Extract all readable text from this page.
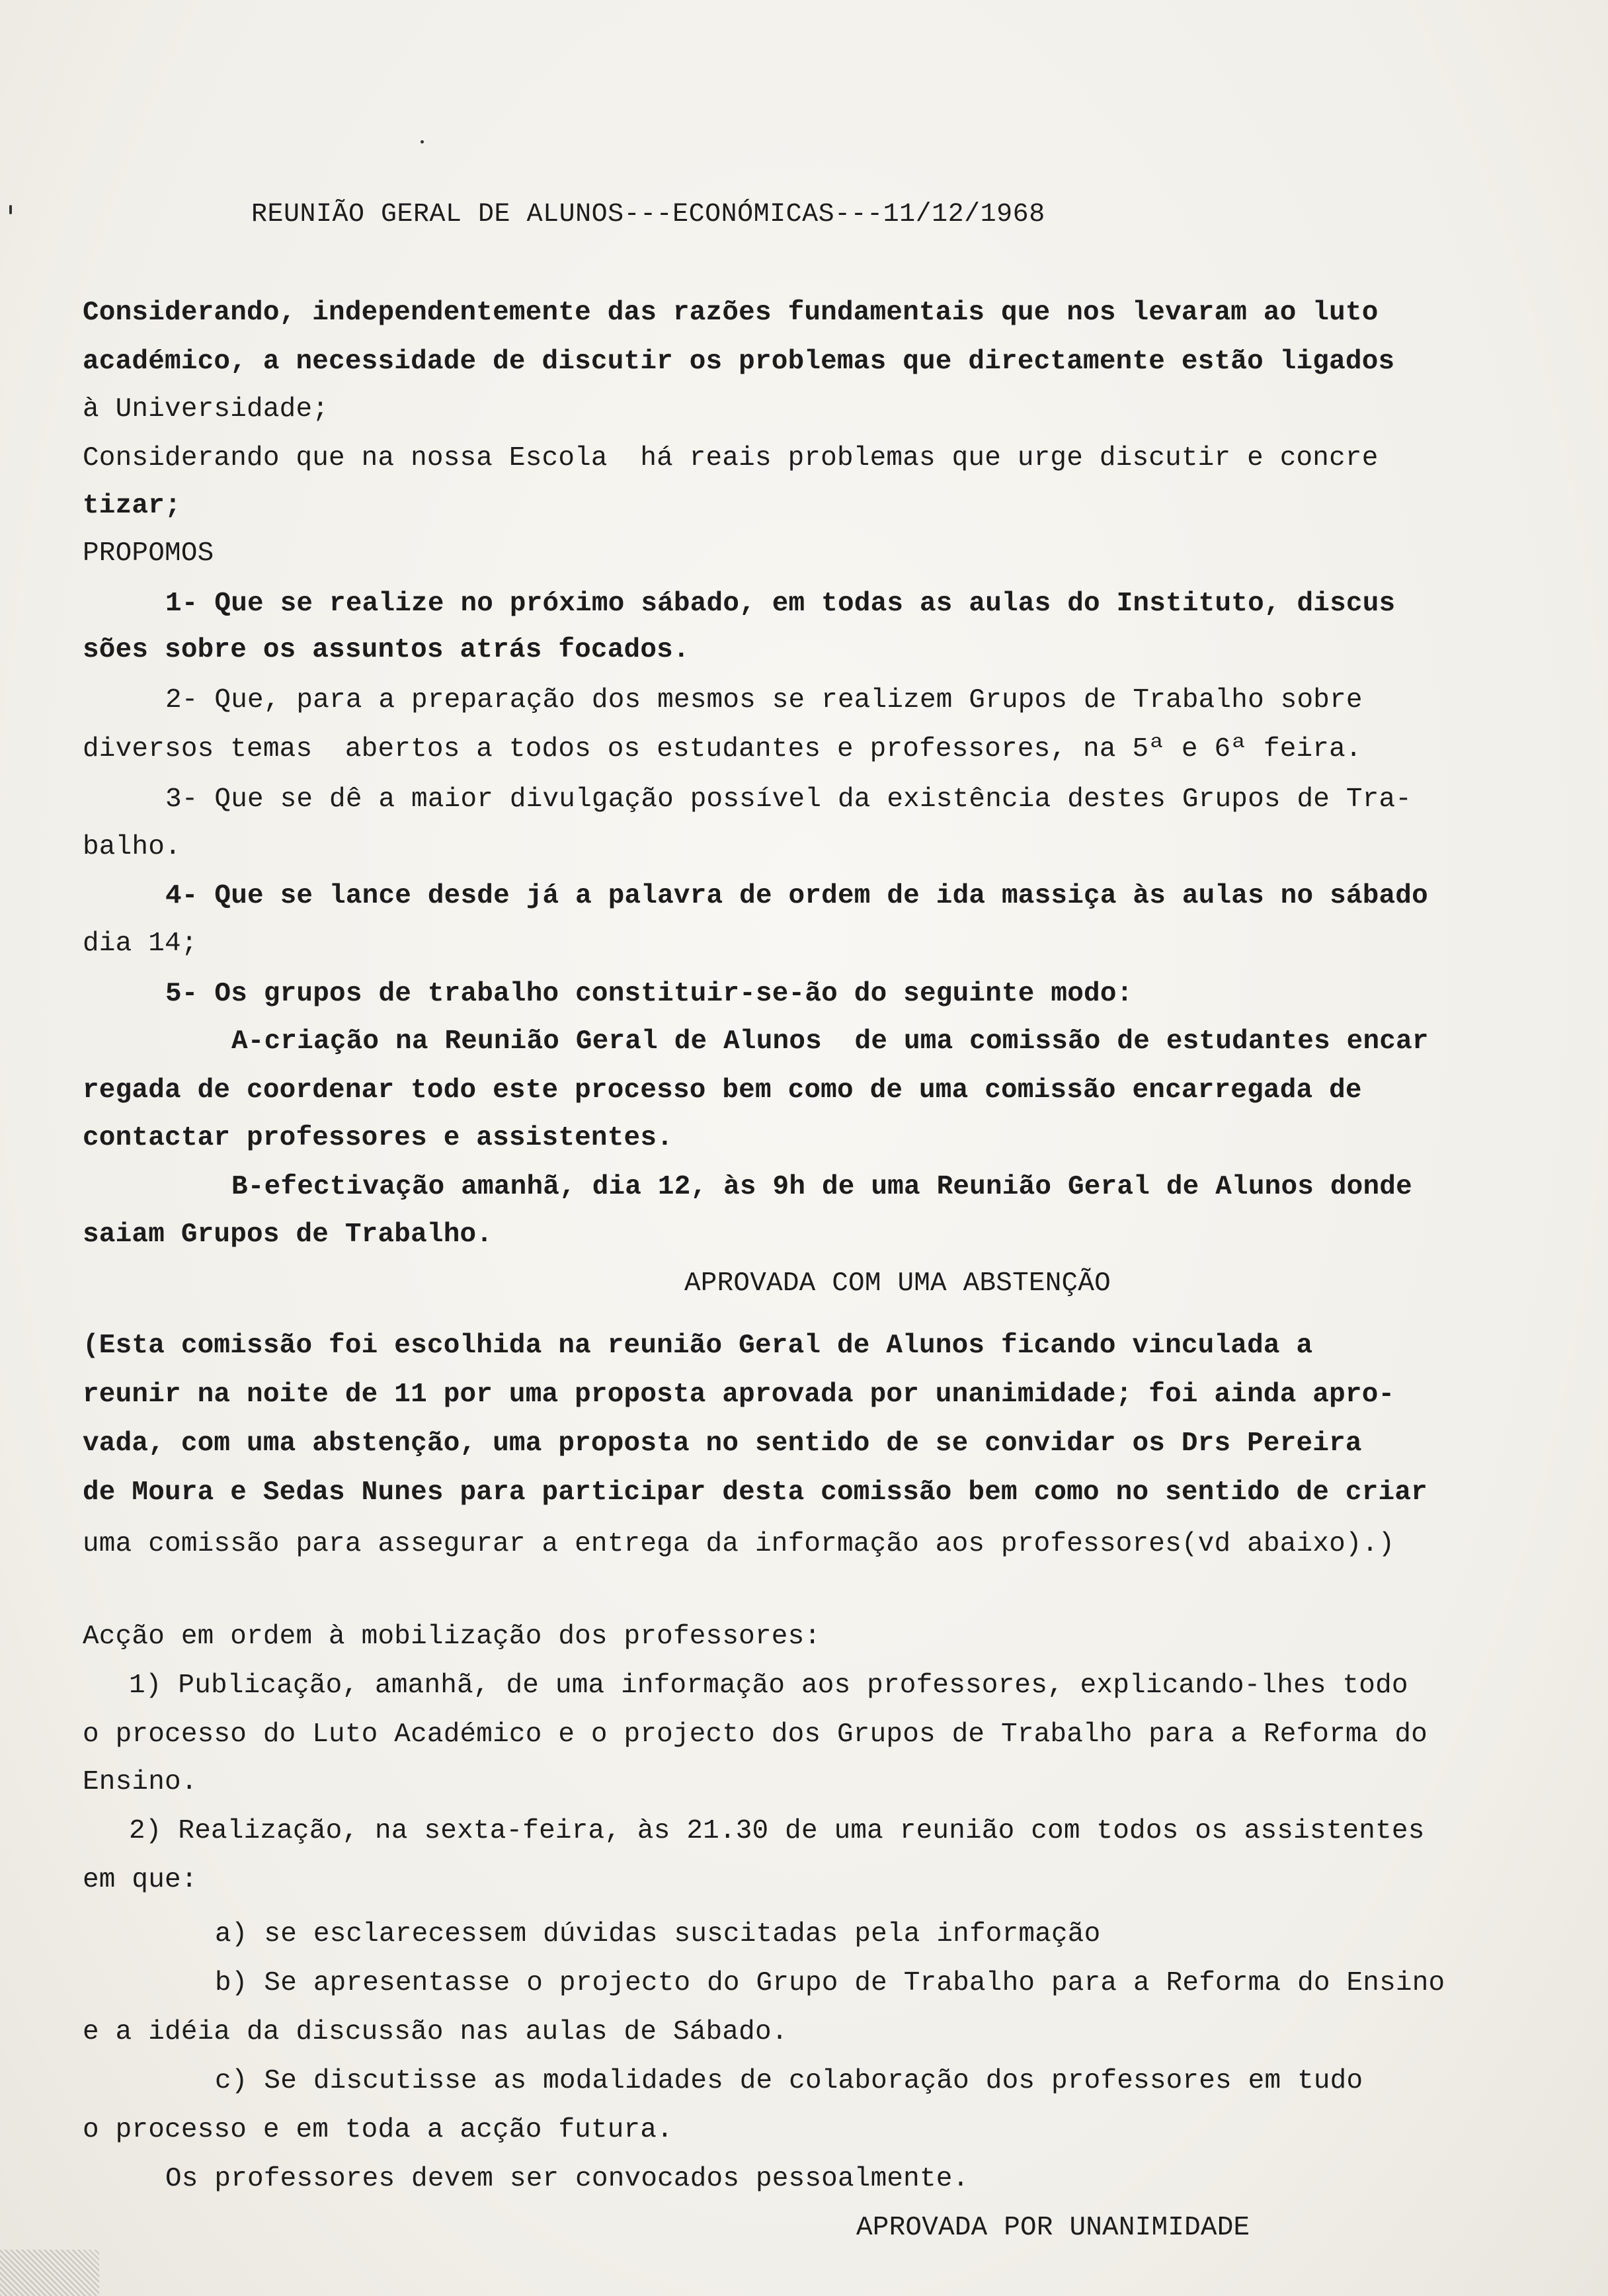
REUNIÃO GERAL DE ALUNOS---ECONÓMICAS---11/12/1968
Considerando, independentemente das razões fundamentais que nos levaram ao luto
académico, a necessidade de discutir os problemas que directamente estão ligados
à Universidade;
Considerando que na nossa Escola  há reais problemas que urge discutir e concre
tizar;
PROPOMOS
1- Que se realize no próximo sábado, em todas as aulas do Instituto, discus
sões sobre os assuntos atrás focados.
2- Que, para a preparação dos mesmos se realizem Grupos de Trabalho sobre
diversos temas  abertos a todos os estudantes e professores, na 5ª e 6ª feira.
3- Que se dê a maior divulgação possível da existência destes Grupos de Tra-
balho.
4- Que se lance desde já a palavra de ordem de ida massiça às aulas no sábado
dia 14;
5- Os grupos de trabalho constituir-se-ão do seguinte modo:
A-criação na Reunião Geral de Alunos  de uma comissão de estudantes encar
regada de coordenar todo este processo bem como de uma comissão encarregada de
contactar professores e assistentes.
B-efectivação amanhã, dia 12, às 9h de uma Reunião Geral de Alunos donde
saiam Grupos de Trabalho.
APROVADA COM UMA ABSTENÇÃO
(Esta comissão foi escolhida na reunião Geral de Alunos ficando vinculada a
reunir na noite de 11 por uma proposta aprovada por unanimidade; foi ainda apro-
vada, com uma abstenção, uma proposta no sentido de se convidar os Drs Pereira
de Moura e Sedas Nunes para participar desta comissão bem como no sentido de criar
uma comissão para assegurar a entrega da informação aos professores(vd abaixo).)
Acção em ordem à mobilização dos professores:
1) Publicação, amanhã, de uma informação aos professores, explicando-lhes todo
o processo do Luto Académico e o projecto dos Grupos de Trabalho para a Reforma do
Ensino.
2) Realização, na sexta-feira, às 21.30 de uma reunião com todos os assistentes
em que:
a) se esclarecessem dúvidas suscitadas pela informação
b) Se apresentasse o projecto do Grupo de Trabalho para a Reforma do Ensino
e a idéia da discussão nas aulas de Sábado.
c) Se discutisse as modalidades de colaboração dos professores em tudo
o processo e em toda a acção futura.
Os professores devem ser convocados pessoalmente.
APROVADA POR UNANIMIDADE
